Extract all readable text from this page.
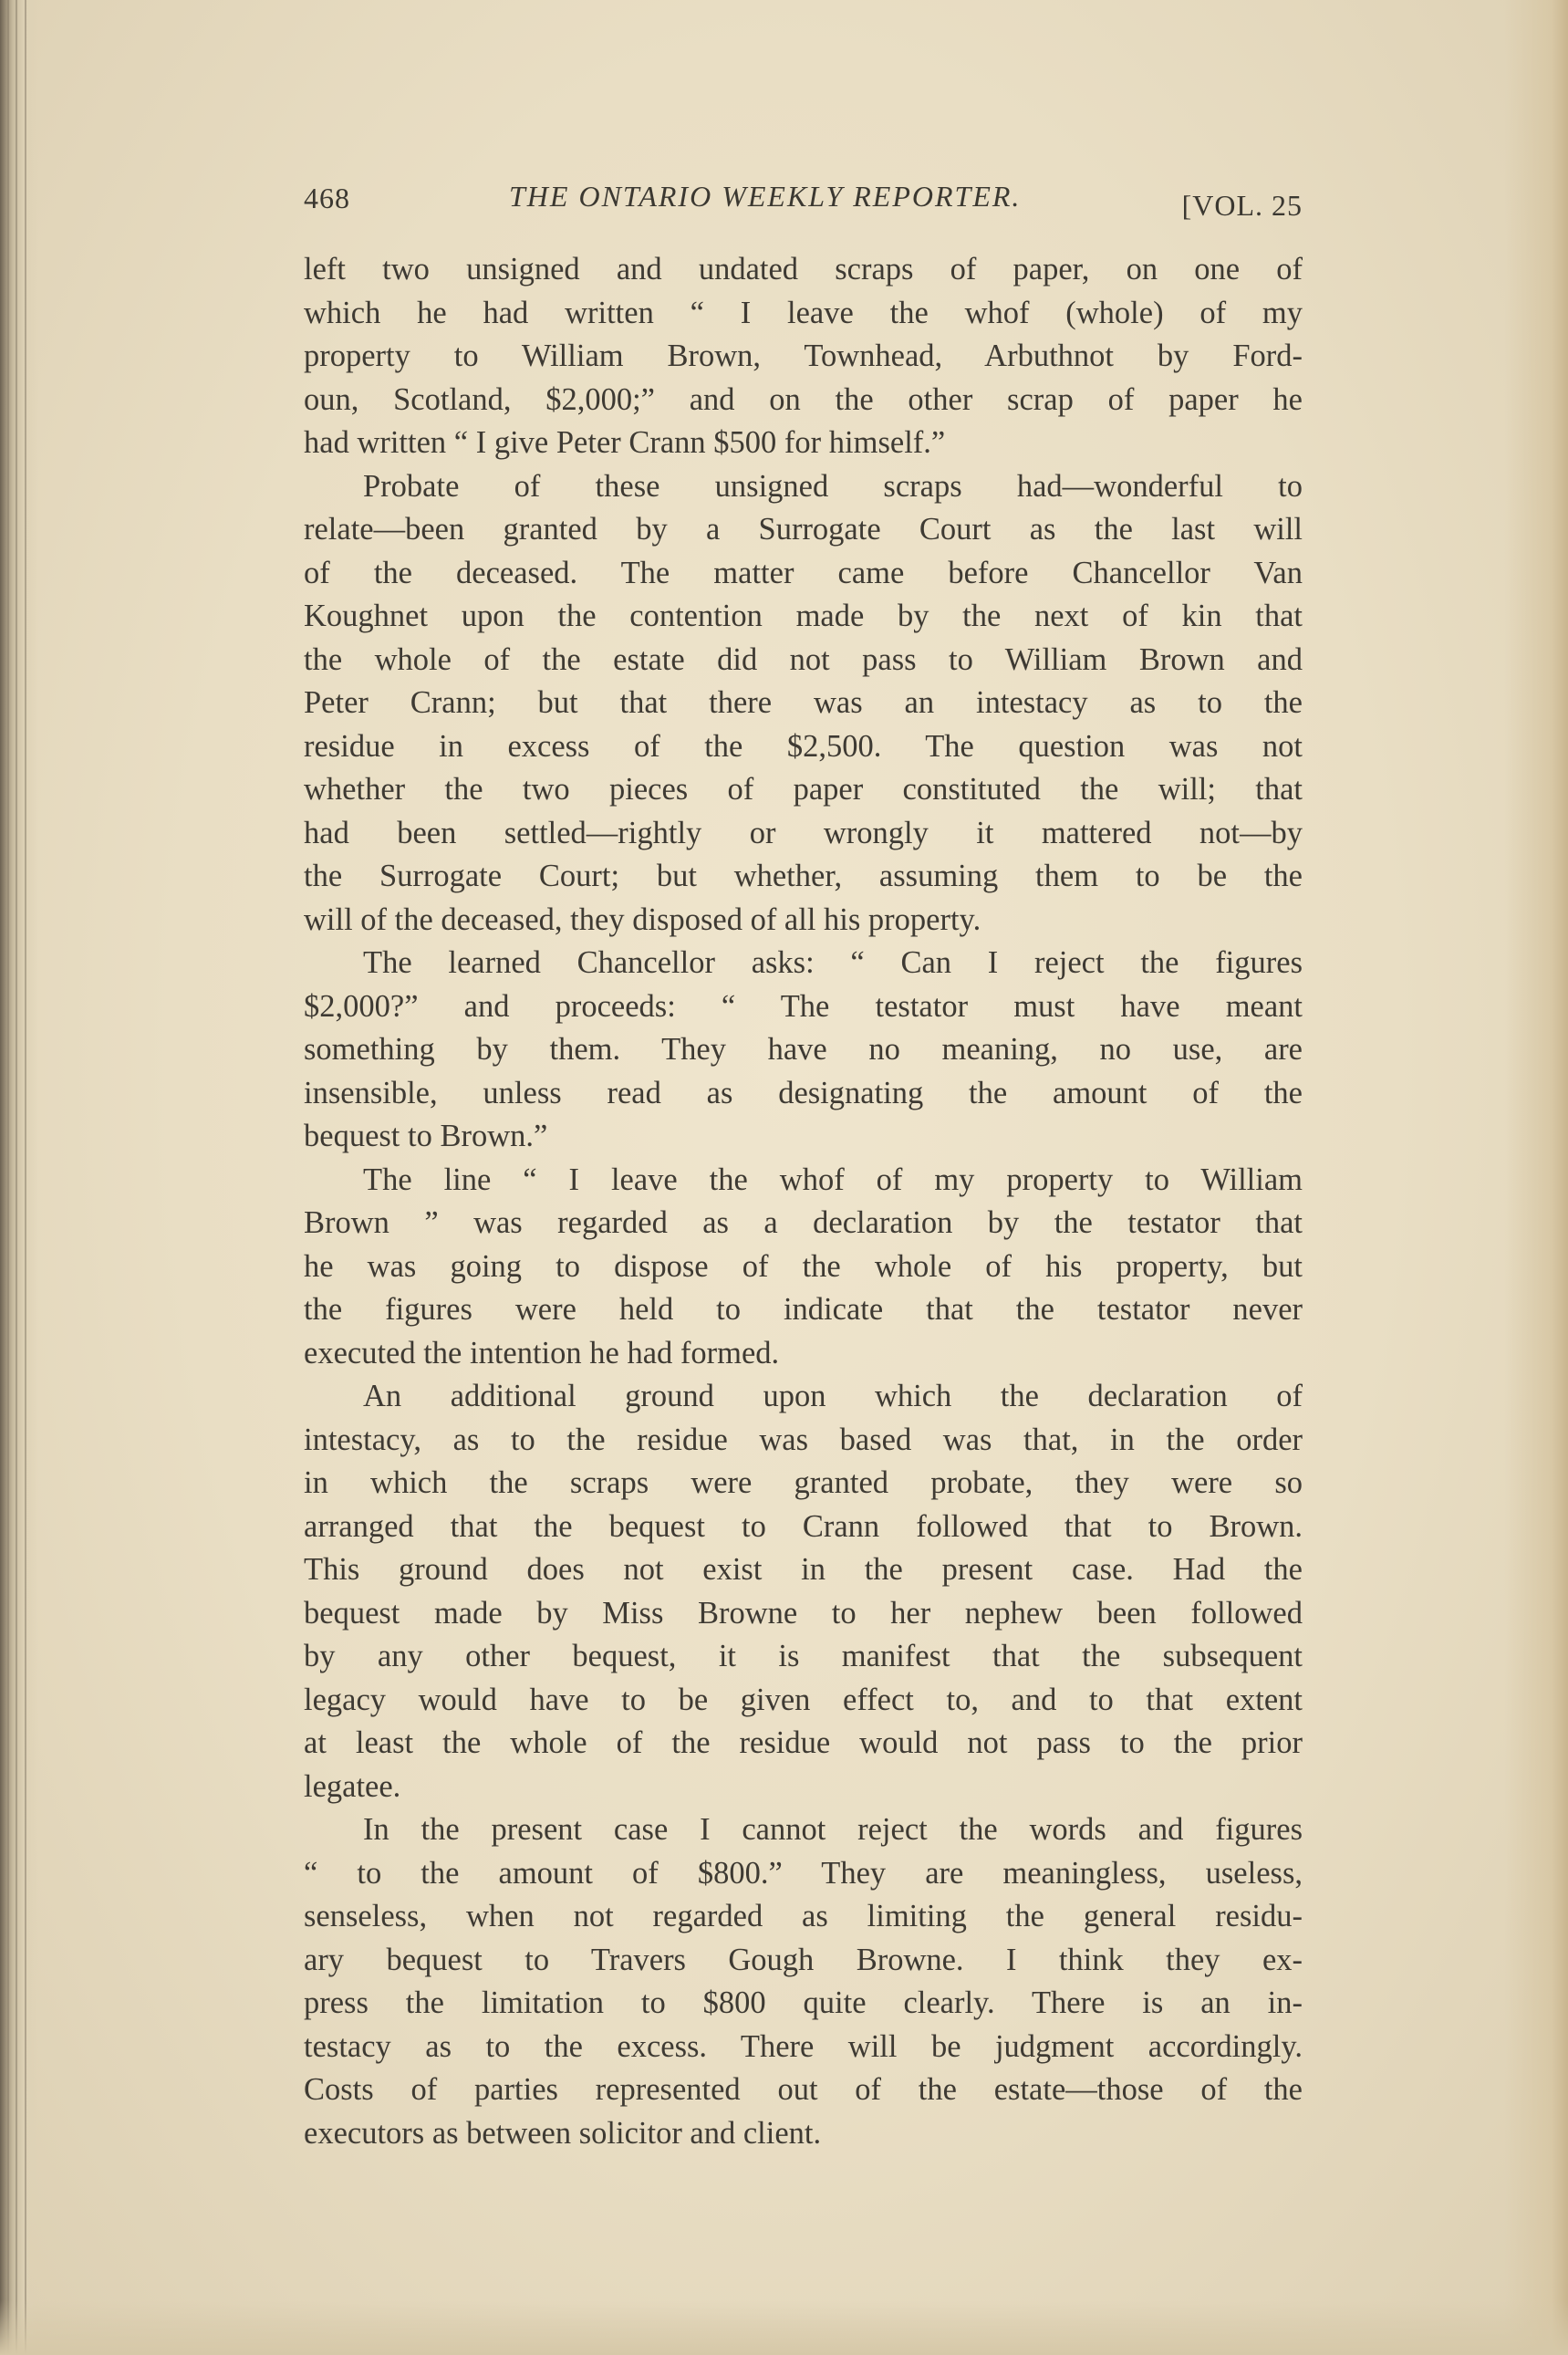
468	THE ONTARIO WEEKLY REPORTER.	[VOL. 25
left two unsigned and undated scraps of paper, on one of
which he had written “ I leave the whof (whole) of my
property to William Brown, Townhead, Arbuthnot by Ford-
oun, Scotland, $2,000;” and on the other scrap of paper he
had written “ I give Peter Crann $500 for himself.”
Probate of these unsigned scraps had—wonderful to
relate—been granted by a Surrogate Court as the last will
of the deceased. The matter came before Chancellor Van
Koughnet upon the contention made by the next of kin that
the whole of the estate did not pass to William Brown and
Peter Crann; but that there was an intestacy as to the
residue in excess of the $2,500. The question was not
whether the two pieces of paper constituted the will; that
had been settled—rightly or wrongly it mattered not—by
the Surrogate Court; but whether, assuming them to be the
will of the deceased, they disposed of all his property.
The learned Chancellor asks: “ Can I reject the figures
$2,000?” and proceeds: “ The testator must have meant
something by them. They have no meaning, no use, are
insensible, unless read as designating the amount of the
bequest to Brown.”
The line “ I leave the whof of my property to William
Brown ” was regarded as a declaration by the testator that
he was going to dispose of the whole of his property, but
the figures were held to indicate that the testator never
executed the intention he had formed.
An additional ground upon which the declaration of
intestacy, as to the residue was based was that, in the order
in which the scraps were granted probate, they were so
arranged that the bequest to Crann followed that to Brown.
This ground does not exist in the present case. Had the
bequest made by Miss Browne to her nephew been followed
by any other bequest, it is manifest that the subsequent
legacy would have to be given effect to, and to that extent
at least the whole of the residue would not pass to the prior
legatee.
In the present case I cannot reject the words and figures
“ to the amount of $800.” They are meaningless, useless,
senseless, when not regarded as limiting the general residu-
ary bequest to Travers Gough Browne. I think they ex-
press the limitation to $800 quite clearly. There is an in-
testacy as to the excess. There will be judgment accordingly.
Costs of parties represented out of the estate—those of the
executors as between solicitor and client.
